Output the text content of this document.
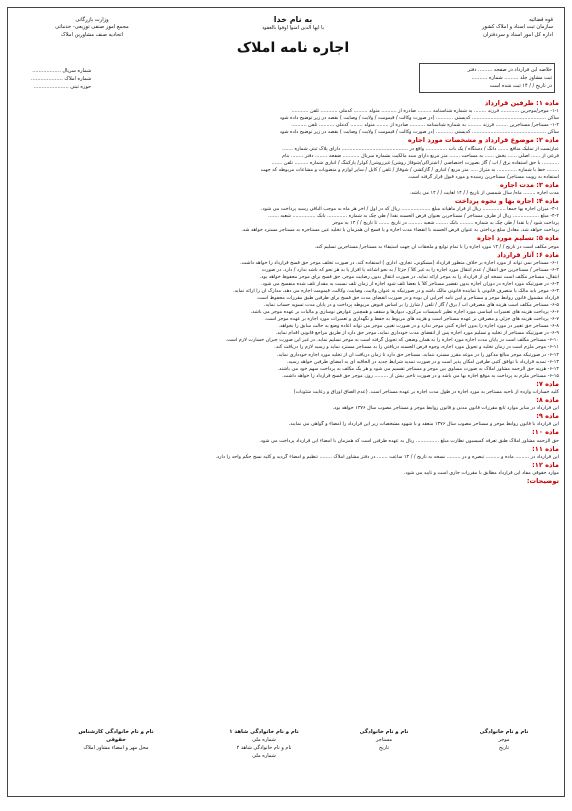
قوه قضائیه
سازمان ثبت اسناد و املاک کشور
اداره کل امور اسناد و سردفتران
به نام خدا
یا ایها الذین امنوا اوفوا بالعقود
اجاره نامه املاک
وزارت بازرگانی
مجمع امور صنفی توزیعی- خدماتی
اتحادیه صنف مشاورین املاک
شماره سریال ..................
شماره املاک ....................
حوزه ثبتی ......................
خلاصه این قرارداد در صفحه ......... دفتر
ثبت مشاور جلد ......... شماره ..........
در تاریخ / / ۱۴ ثبت شده است
ماده ۱: طرفین قرارداد
۱-۱- موجر/موجرین ............ فرزند ........ به شماره شناسنامه ......... صادره از .......... متولد ......... کدملی ........... تلفن ...........
ساکن ................................................ کدپستی ........... (در صورت وکالت / قیمومت / ولایت / وصایت ) بقصد در زیر توضیح داده شود
۱-۲- مستاجر/ مستاجرین ........ فرزند ......... به شماره شناسنامه .......... صادره از ........ متولد ........ کدملی .......... تلفن ..........
ساکن ................................................ کدپستی ........... (در صورت وکالت / قیمومت / ولایت / وصایت ) بقصد در زیر توضیح داده شود
ماده ۲: موضوع قرارداد و مشخصات مورد اجاره
عبارتست از تملیک منافع ....... دانگ / دستگاه / یک باب .............. واقع در ........................................... دارای پلاک ثبتی شماره .......
فرعی از ...... اصلی ...... بخش ...... به مساحت ....... متر مربع دارای سند مالکیت بشماره سریال ........... صفحه ........ دفتر ........ بنام
........... با حق استفاده برق / آب / گاز بصورت اختصاصی / اشتراکی/شوفاژ روشن/ غیرروشن/ کولر/ پارکینگ / انباری شماره ......... تلفن .......
........ خط با شماره ............. به متراژ ..... متر مربع / انباری / گازکشی / شوفاژ / تلفن / کابل / سایر لوازم و منضوبات و مشاعات مربوطه که جهت
استفاده به رویت مستاجر/ مستاجرین رسیده و مورد قبول قرار گرفته است.
ماده ۳: مدت اجاره
مدت اجاره ........ ماه/ سال شمسی از تاریخ / / ۱۴ لغایت / / ۱۴ می باشد.
ماده ۴: اجاره بها و نحوه پرداخت
۴-۱- میزان اجاره بها جمعاً ............... ریال از قرار ماهیانه مبلغ ................... ریال که در اول / آخر هر ماه به موجب الباقی رسید پرداخت می شود.
۴-۲- مبلغ ................. ریال از طرف مستاجر / مستاجرین بعنوان قرض الحسنه نقداً / طی چک به شماره ............. بانک ............... شعبه .......
پرداخت شود / یا نقداً / طی چک به شماره ......... بانک ........ شعبه ......... در تاریخ ....... تا تاریخ / / ۱۴ به موجر
پرداخت خواهد شد. معادل مبلغ پرداختی به عنوان قرض الحسنه با انقضاء مدت اجاره و یا فسخ آن همزمان با تخلیه عین مستاجره به مستاجر مسترد خواهد شد.
ماده ۵: تسلیم مورد اجاره
موجر مکلف است در تاریخ / / ۱۴ مورد اجاره را با تمام توابع و ملحقات آن جهت استیفاء به مستاجر/ مستاجرین تسلیم کند.
ماده ۶: آثار قرارداد
۶-۱- مستاجر نمی تواند از مورد اجاره بر خلاف منظور قرارداد (مسکونی، تجاری، اداری ) استفاده کند. در صورت تخلف موجر حق فسخ قرارداد را خواهد داشت.
۶-۲- مستاجر / مستاجرین حق انتقال / عدم انتقال مورد اجاره را به غیر کلاً / جزئاً / به نحو اشاعه یا افراز یا به هر نحو که باشد ندارد / دارد. در صورت
انتقال، مستاجر مکلف است نسخه ای از قرارداد را به موجر ارائه نماید. در صورت انتقال بدون رضایت موجر، حق فسخ برای موجر محفوظ خواهد بود.
۶-۳- در صورتیکه مورد اجاره در دوران اجاره بدون تقصیر مستاجر کلاً یا بعضاً تلف شود اجاره از زمان تلف نسبت به مقدار تلف شده منفسخ می شود.
۶-۴- موجر باید مالک یا متصرف قانونی یا نماینده قانونی مالک باشد و در صورتیکه به عنوان ولایت، وصایت، وکالت، قیمومت اجاره می دهد، مدارک آن را ارائه نماید.
قرارداد مشمول قانون روابط موجر و مستاجر و آیین نامه اجرایی آن بوده و در صورت انقضای مدت حق فسخ برای طرفین طبق مقررات محفوظ است.
۶-۵- مستاجر مکلف است هزینه های مصرفی آب / برق / گاز / تلفن / شارژ را بر اساس قبوض مربوطه پرداخت و در پایان مدت تسویه حساب نماید.
۶-۶- پرداخت هزینه های تعمیرات اساسی مورد اجاره نظیر تاسیسات مرکزی، دیوارها و سقف و همچنین عوارض نوسازی و مالیات بر عهده موجر می باشد.
۶-۷- پرداخت هزینه های جزئی و مصرفی بر عهده مستاجر است و هزینه های مربوط به حفظ و نگهداری و تعمیرات مورد اجاره بر عهده موجر است.
۶-۸- مستاجر حق تغییر در مورد اجاره را بدون اجازه کتبی موجر ندارد و در صورت تغییر، موجر می تواند اعاده وضع به حالت سابق را بخواهد.
۶-۹- در صورتیکه مستاجر از تخلیه و تسلیم مورد اجاره پس از انقضای مدت خودداری نماید، موجر حق دارد از طریق مراجع قانونی اقدام نماید.
۶-۱۰- مستاجر مکلف است در پایان مدت اجاره مورد اجاره را به همان وضعی که تحویل گرفته است به موجر تسلیم نماید. در غیر این صورت جبران خسارت لازم است.
۶-۱۱- موجر ملزم است در زمان تخلیه و تحویل مورد اجاره، وجوه قرض الحسنه دریافتی را به مستاجر مسترد نماید و رسید لازم را دریافت کند.
۶-۱۲- در صورتیکه موجر مبالغ مذکور را در موعد مقرر مسترد ننماید، مستاجر حق دارد تا زمان دریافت آن از تخلیه مورد اجاره خودداری نماید.
۶-۱۳- تمدید قرارداد با توافق کتبی طرفین امکان پذیر است و در صورت تمدید شرایط جدید در الحاقیه ای به امضای طرفین خواهد رسید.
۶-۱۴- هزینه حق الزحمه مشاور املاک به صورت مساوی بین موجر و مستاجر تقسیم می شود و هر یک مکلف به پرداخت سهم خود می باشند.
۶-۱۵- مستاجر ملزم به پرداخت به موقع اجاره بها می باشد و در صورت تاخیر بیش از ......... روز، موجر حق فسخ قرارداد را خواهد داشت.
ماده ۷:
کلیه خسارات وارده از ناحیه مستاجر به مورد اجاره در طول مدت اجاره بر عهده مستاجر است. (عدم الصاق اوراق و رعایت شئونات)
ماده ۸:
این قرارداد در سایر موارد تابع مقررات قانون مدنی و قانون روابط موجر و مستاجر مصوب سال ۱۳۷۶ خواهد بود.
ماده ۹:
این قرارداد با قانون روابط موجر و مستاجر مصوب سال ۱۳۷۶ منعقد و با شهود مشخصات زیر این قرارداد را امضاء و گواهی می نمایند.
ماده ۱۰:
حق الزحمه مشاور املاک طبق تعرفه کمیسیون نظارت مبلغ ............... ریال به عهده طرفین است که همزمان با امضاء این قرارداد پرداخت می شود.
ماده ۱۱:
این قرارداد در ......... ماده و ......... تبصره و در ......... نسخه به تاریخ / / ۱۴ ساعت ....... در دفتر مشاور املاک ........ تنظیم و امضاء گردید و کلیه نسخ حکم واحد را دارد.
ماده ۱۲:
موارد حقوقی مفاد این قرارداد مطابق با مقررات جاری است و تایید می شود.
توضیحات:
نام و نام خانوادگی
موجر
تاریخ
نام و نام خانوادگی
مستاجر
تاریخ
نام و نام خانوادگی شاهد ۱
شماره ملی
نام و نام خانوادگی شاهد ۲
شماره ملی
نام و نام خانوادگی کارشناس حقوقی
محل مهر و امضاء مشاور املاک
